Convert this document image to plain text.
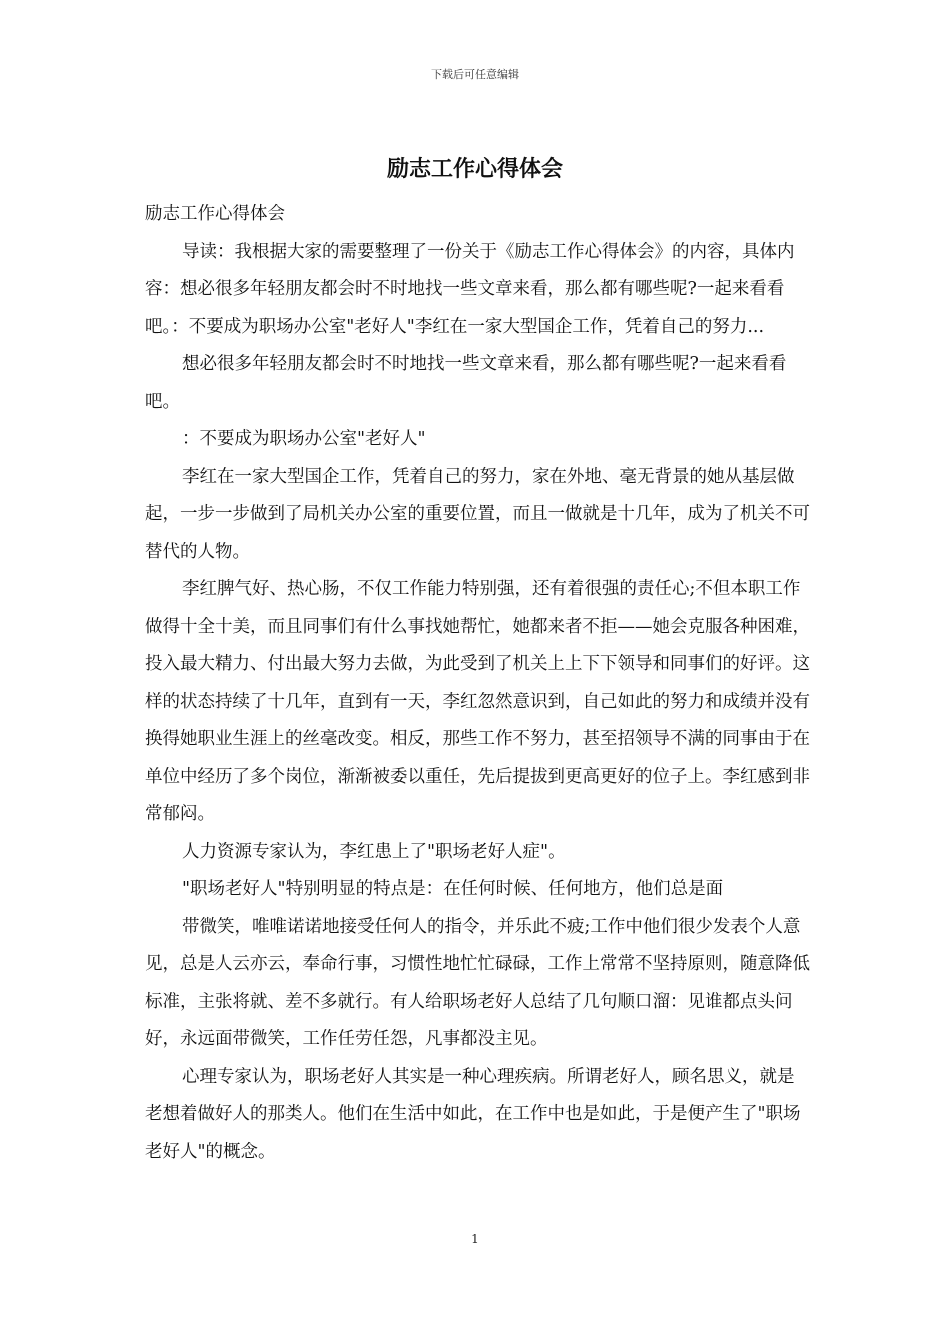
下载后可任意编辑
励志工作心得体会

励志工作心得体会

导读：我根据大家的需要整理了一份关于《励志工作心得体会》的内容，具体内容：想必很多年轻朋友都会时不时地找一些文章来看，那么都有哪些呢?一起来看看吧。：不要成为职场办公室"老好人"李红在一家大型国企工作，凭着自己的努力...

想必很多年轻朋友都会时不时地找一些文章来看，那么都有哪些呢?一起来看看吧。

：不要成为职场办公室"老好人"

李红在一家大型国企工作，凭着自己的努力，家在外地、毫无背景的她从基层做起，一步一步做到了局机关办公室的重要位置，而且一做就是十几年，成为了机关不可替代的人物。

李红脾气好、热心肠，不仅工作能力特别强，还有着很强的责任心;不但本职工作做得十全十美，而且同事们有什么事找她帮忙，她都来者不拒——她会克服各种困难，投入最大精力、付出最大努力去做，为此受到了机关上上下下领导和同事们的好评。这样的状态持续了十几年，直到有一天，李红忽然意识到，自己如此的努力和成绩并没有换得她职业生涯上的丝毫改变。相反，那些工作不努力，甚至招领导不满的同事由于在单位中经历了多个岗位，渐渐被委以重任，先后提拔到更高更好的位子上。李红感到非常郁闷。

人力资源专家认为，李红患上了"职场老好人症"。

"职场老好人"特别明显的特点是：在任何时候、任何地方，他们总是面

带微笑，唯唯诺诺地接受任何人的指令，并乐此不疲;工作中他们很少发表个人意见，总是人云亦云，奉命行事，习惯性地忙忙碌碌，工作上常常不坚持原则，随意降低标准，主张将就、差不多就行。有人给职场老好人总结了几句顺口溜：见谁都点头问好，永远面带微笑，工作任劳任怨，凡事都没主见。

心理专家认为，职场老好人其实是一种心理疾病。所谓老好人，顾名思义，就是老想着做好人的那类人。他们在生活中如此，在工作中也是如此，于是便产生了"职场老好人"的概念。

1
